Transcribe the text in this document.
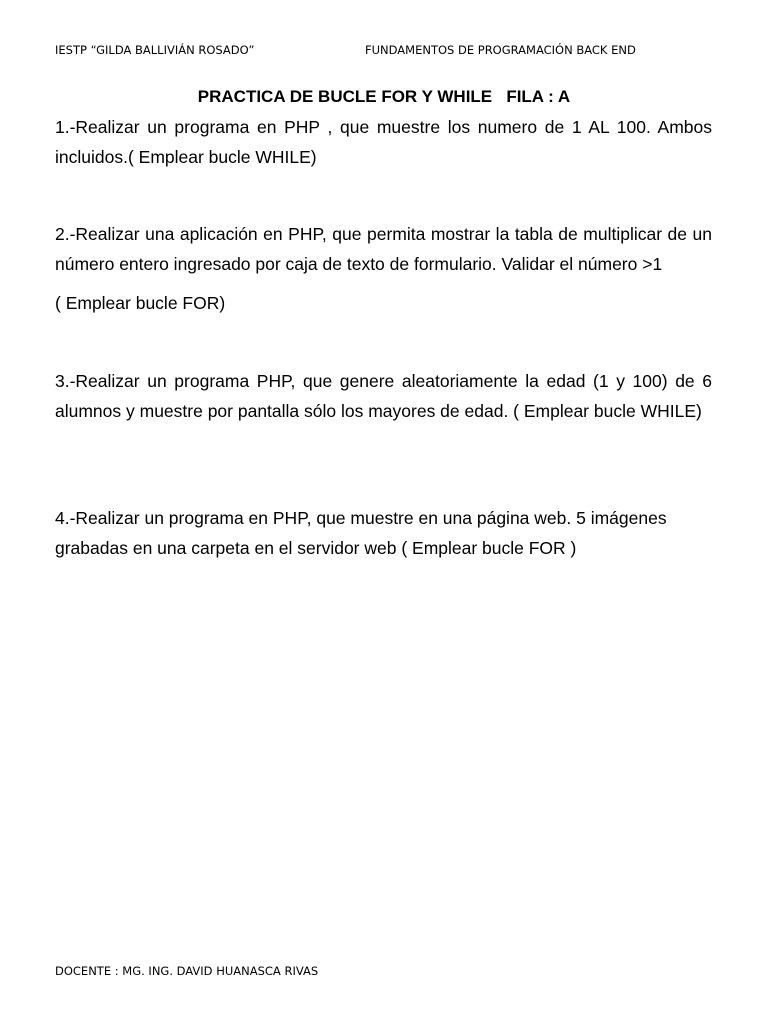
IESTP “GILDA BALLIVIÁN ROSADO”	FUNDAMENTOS DE PROGRAMACIÓN BACK END
PRACTICA DE BUCLE FOR Y WHILE   FILA : A

1.-Realizar un programa en PHP , que muestre los numero de 1 AL 100. Ambos incluidos.( Emplear bucle WHILE)

2.-Realizar una aplicación en PHP, que permita mostrar la tabla de multiplicar de un número entero ingresado por caja de texto de formulario. Validar el número >1

( Emplear bucle FOR)

3.-Realizar un programa PHP, que genere aleatoriamente la edad (1 y 100) de 6 alumnos y muestre por pantalla sólo los mayores de edad. ( Emplear bucle WHILE)

4.-Realizar un programa en PHP, que muestre en una página web. 5 imágenes

grabadas en una carpeta en el servidor web ( Emplear bucle FOR )

DOCENTE : MG. ING. DAVID HUANASCA RIVAS
